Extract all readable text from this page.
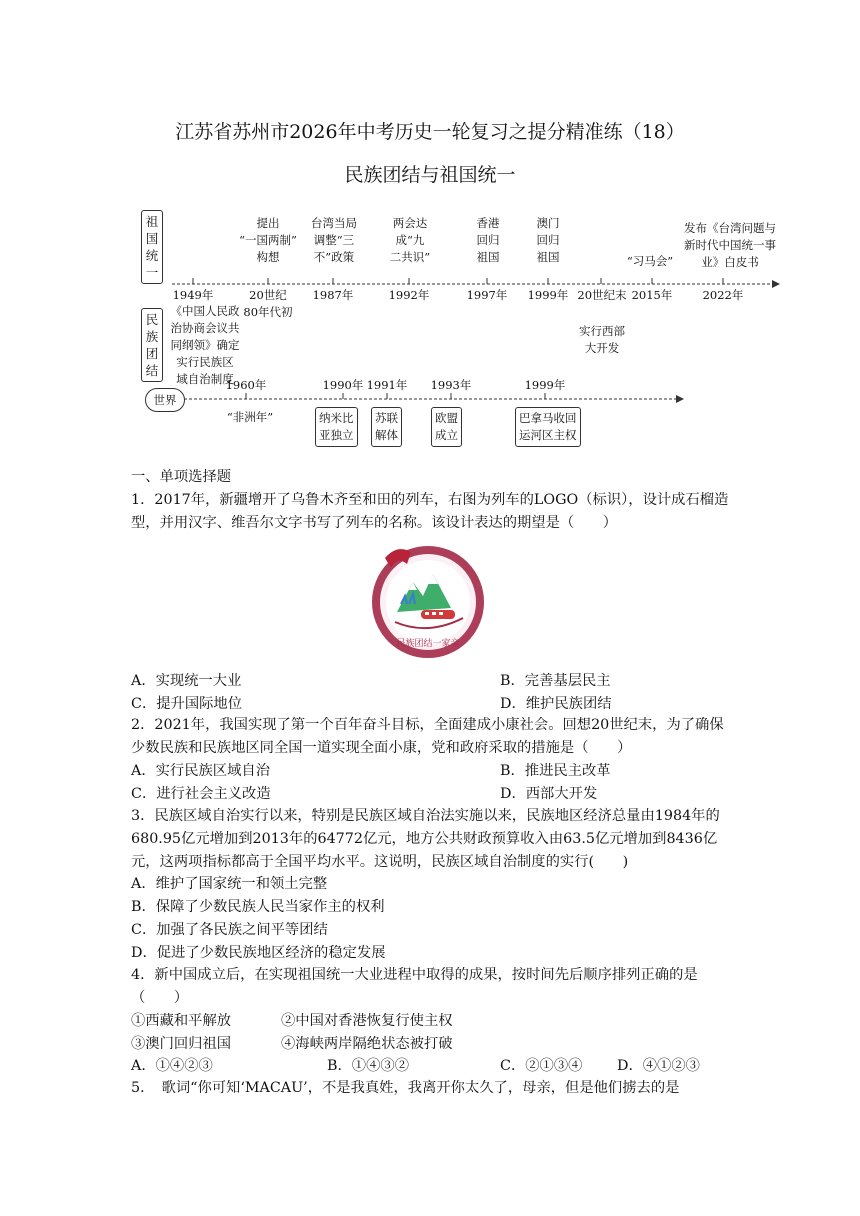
江苏省苏州市2026年中考历史一轮复习之提分精准练（18）
民族团结与祖国统一
祖国统一
民族团结
世界
提出
“一国两制”
构想
台湾当局
调整“三
不”政策
两会达
成“九
二共识”
香港
回归
祖国
澳门
回归
祖国	“习马会”
发布《台湾问题与
新时代中国统一事
业》白皮书
1949年	20世纪
80年代初
1987年	1992年	1997年	1999年 20世纪末 2015年	2022年
《中国人民政
治协商会议共
同纲领》确定
实行民族区
域自治制度
实行西部
大开发
1960年	1990年 1991年	1993年	1999年
“非洲年”	纳米比
亚独立
苏联
解体
欧盟
成立
巴拿马收回
运河区主权
一、单项选择题
1．2017年，新疆增开了乌鲁木齐至和田的列车，右图为列车的LOGO（标识），设计成石榴造型，并用汉字、维吾尔文字书写了列车的名称。该设计表达的期望是（　　）
民族团结一家亲
A．实现统一大业	B．完善基层民主
C．提升国际地位	D．维护民族团结
2．2021年，我国实现了第一个百年奋斗目标，全面建成小康社会。回想20世纪末，为了确保少数民族和民族地区同全国一道实现全面小康，党和政府采取的措施是（　　）
A．实行民族区域自治	B．推进民主改革
C．进行社会主义改造	D．西部大开发
3．民族区域自治实行以来，特别是民族区域自治法实施以来，民族地区经济总量由1984年的680.95亿元增加到2013年的64772亿元，地方公共财政预算收入由63.5亿元增加到8436亿元，这两项指标都高于全国平均水平。这说明，民族区域自治制度的实行(　　)
A．维护了国家统一和领土完整
B．保障了少数民族人民当家作主的权利
C．加强了各民族之间平等团结
D．促进了少数民族地区经济的稳定发展
4．新中国成立后，在实现祖国统一大业进程中取得的成果，按时间先后顺序排列正确的是（　　）
①西藏和平解放	②中国对香港恢复行使主权
③澳门回归祖国	④海峡两岸隔绝状态被打破
A．①④②③	B．①④③②	C．②①③④ D．④①②③
5．　歌词“你可知‘MACAU’，不是我真姓，我离开你太久了，母亲，但是他们掳去的是
